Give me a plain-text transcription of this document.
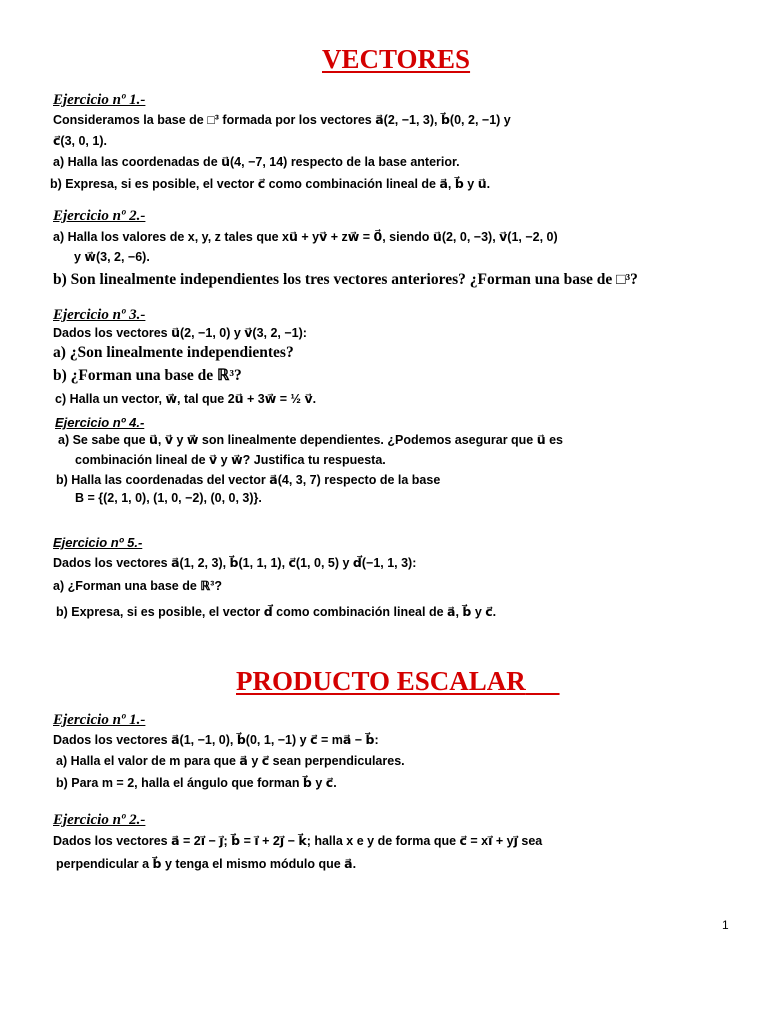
VECTORES
Ejercicio nº 1.-
Consideramos la base de □³ formada por los vectores a⃗(2, −1, 3), b⃗(0, 2, −1) y
c⃗(3, 0, 1).
a) Halla las coordenadas de u⃗(4, −7, 14) respecto de la base anterior.
b) Expresa, si es posible, el vector c⃗ como combinación lineal de a⃗, b⃗ y u⃗.
Ejercicio nº 2.-
a) Halla los valores de x, y, z tales que xu⃗ + yv⃗ + zw⃗ = 0⃗, siendo u⃗(2, 0, −3), v⃗(1, −2, 0)
y w⃗(3, 2, −6).
b) Son linealmente independientes los tres vectores anteriores? ¿Forman una base de □³?
Ejercicio nº 3.-
Dados los vectores u⃗(2, −1, 0) y v⃗(3, 2, −1):
a) ¿Son linealmente independientes?
b) ¿Forman una base de ℝ³?
c) Halla un vector, w⃗, tal que 2u⃗ + 3w⃗ = ½ v⃗.
Ejercicio nº 4.-
a) Se sabe que u⃗, v⃗ y w⃗ son linealmente dependientes. ¿Podemos asegurar que u⃗ es
combinación lineal de v⃗ y w⃗? Justifica tu respuesta.
b) Halla las coordenadas del vector a⃗(4, 3, 7) respecto de la base
B = {(2, 1, 0), (1, 0, −2), (0, 0, 3)}.
Ejercicio nº 5.-
Dados los vectores a⃗(1, 2, 3), b⃗(1, 1, 1), c⃗(1, 0, 5) y d⃗(−1, 1, 3):
a) ¿Forman una base de ℝ³?
b) Expresa, si es posible, el vector d⃗ como combinación lineal de a⃗, b⃗ y c⃗.
PRODUCTO ESCALAR
Ejercicio nº 1.-
Dados los vectores a⃗(1, −1, 0), b⃗(0, 1, −1) y c⃗ = ma⃗ − b⃗:
a) Halla el valor de m para que a⃗ y c⃗ sean perpendiculares.
b) Para m = 2, halla el ángulo que forman b⃗ y c⃗.
Ejercicio nº 2.-
Dados los vectores a⃗ = 2i⃗ − j⃗; b⃗ = i⃗ + 2j⃗ − k⃗; halla x e y de forma que c⃗ = xi⃗ + yj⃗ sea
perpendicular a b⃗ y tenga el mismo módulo que a⃗.
1
